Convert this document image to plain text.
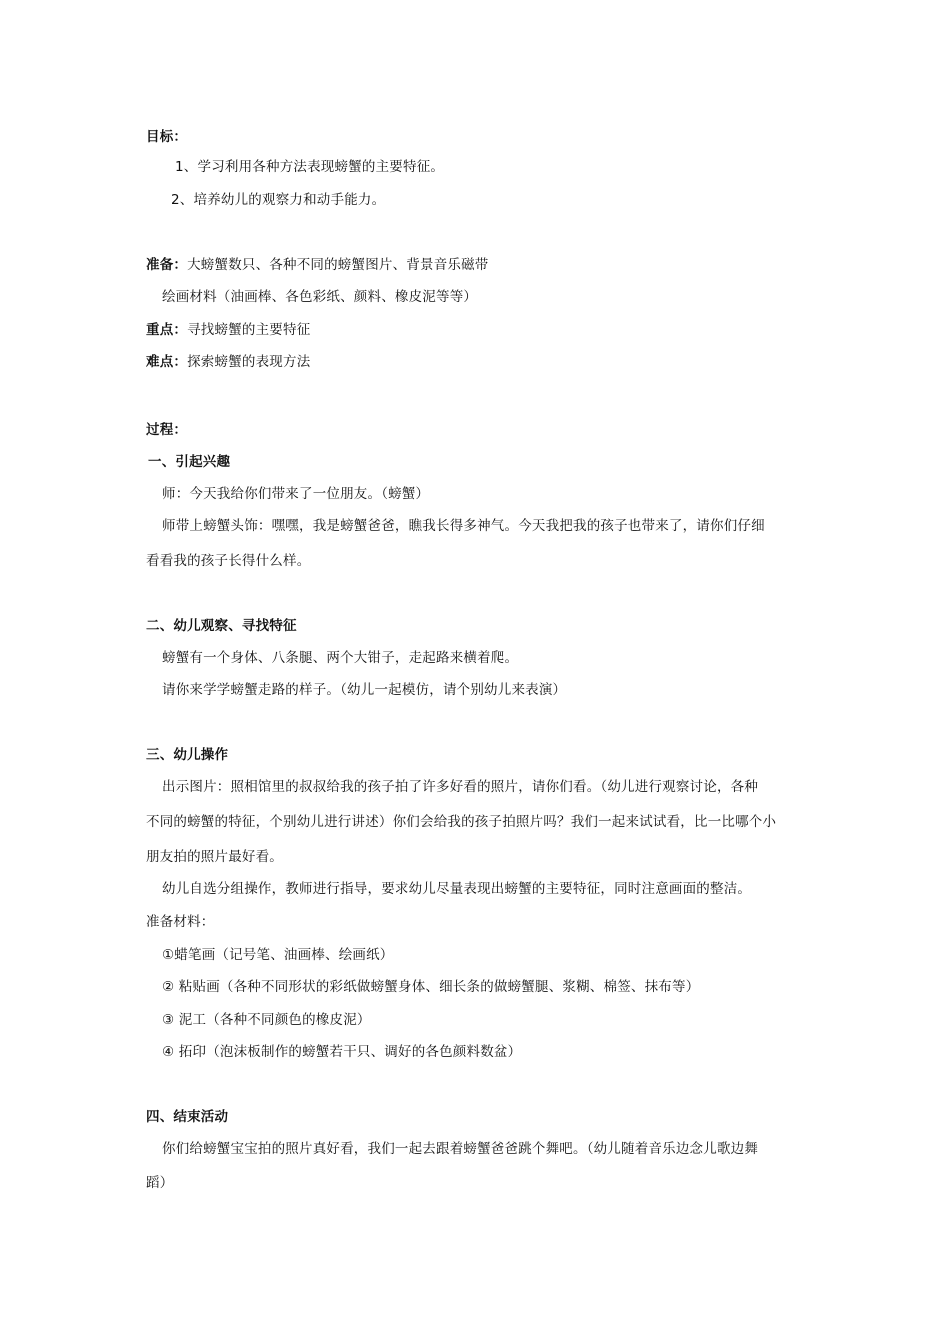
目标：
1、学习利用各种方法表现螃蟹的主要特征。
2、培养幼儿的观察力和动手能力。
准备：大螃蟹数只、各种不同的螃蟹图片、背景音乐磁带
绘画材料（油画棒、各色彩纸、颜料、橡皮泥等等）
重点：寻找螃蟹的主要特征
难点：探索螃蟹的表现方法
过程：
一、引起兴趣
师：今天我给你们带来了一位朋友。（螃蟹）
师带上螃蟹头饰：嘿嘿，我是螃蟹爸爸，瞧我长得多神气。今天我把我的孩子也带来了，请你们仔细
看看我的孩子长得什么样。
二、幼儿观察、寻找特征
螃蟹有一个身体、八条腿、两个大钳子，走起路来横着爬。
请你来学学螃蟹走路的样子。（幼儿一起模仿，请个别幼儿来表演）
三、幼儿操作
出示图片：照相馆里的叔叔给我的孩子拍了许多好看的照片，请你们看。（幼儿进行观察讨论，各种
不同的螃蟹的特征，个别幼儿进行讲述）你们会给我的孩子拍照片吗？我们一起来试试看，比一比哪个小
朋友拍的照片最好看。
幼儿自选分组操作，教师进行指导，要求幼儿尽量表现出螃蟹的主要特征，同时注意画面的整洁。
准备材料：
①蜡笔画（记号笔、油画棒、绘画纸）
② 粘贴画（各种不同形状的彩纸做螃蟹身体、细长条的做螃蟹腿、浆糊、棉签、抹布等）
③ 泥工（各种不同颜色的橡皮泥）
④ 拓印（泡沫板制作的螃蟹若干只、调好的各色颜料数盆）
四、结束活动
你们给螃蟹宝宝拍的照片真好看，我们一起去跟着螃蟹爸爸跳个舞吧。（幼儿随着音乐边念儿歌边舞
蹈）
